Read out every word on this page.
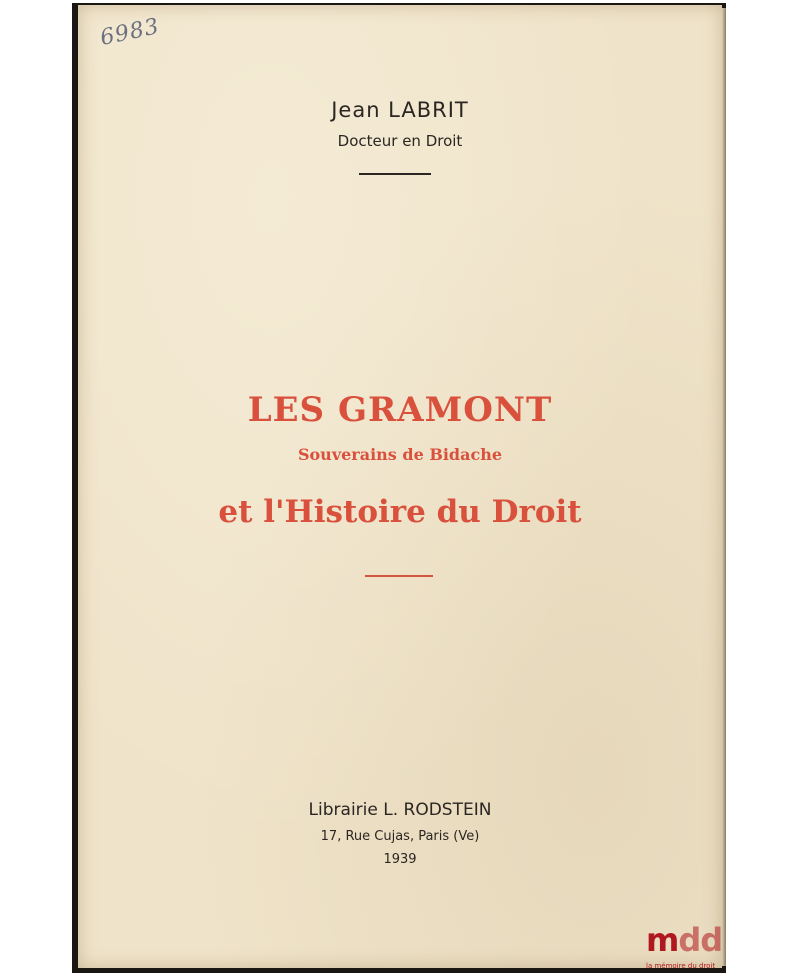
6983
Jean LABRIT
Docteur en Droit
LES GRAMONT
Souverains de Bidache
et l'Histoire du Droit
Librairie L. RODSTEIN
17, Rue Cujas, Paris (Ve)
1939
mdd
la mémoire du droit
